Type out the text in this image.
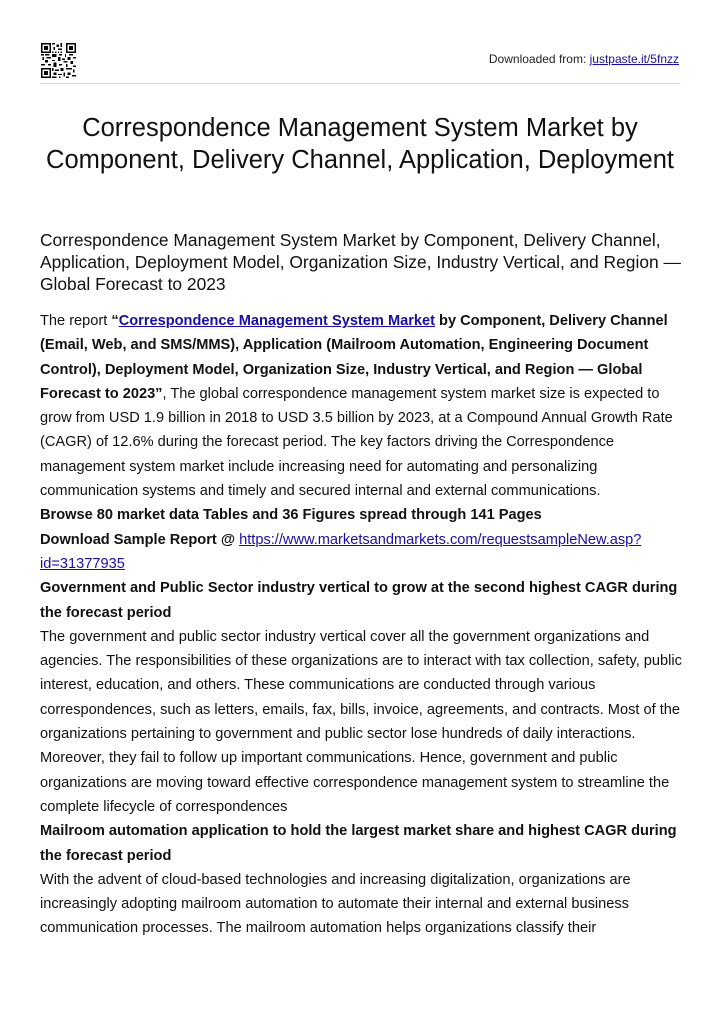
Downloaded from: justpaste.it/5fnzz
Correspondence Management System Market by Component, Delivery Channel, Application, Deployment

Correspondence Management System Market by Component, Delivery Channel, Application, Deployment Model, Organization Size, Industry Vertical, and Region — Global Forecast to 2023

The report “Correspondence Management System Market by Component, Delivery Channel (Email, Web, and SMS/MMS), Application (Mailroom Automation, Engineering Document Control), Deployment Model, Organization Size, Industry Vertical, and Region — Global Forecast to 2023”, The global correspondence management system market size is expected to grow from USD 1.9 billion in 2018 to USD 3.5 billion by 2023, at a Compound Annual Growth Rate (CAGR) of 12.6% during the forecast period. The key factors driving the Correspondence management system market include increasing need for automating and personalizing communication systems and timely and secured internal and external communications.

Browse 80 market data Tables and 36 Figures spread through 141 Pages

Download Sample Report @ https://www.marketsandmarkets.com/requestsampleNew.asp?id=31377935

Government and Public Sector industry vertical to grow at the second highest CAGR during the forecast period

The government and public sector industry vertical cover all the government organizations and agencies. The responsibilities of these organizations are to interact with tax collection, safety, public interest, education, and others. These communications are conducted through various correspondences, such as letters, emails, fax, bills, invoice, agreements, and contracts. Most of the organizations pertaining to government and public sector lose hundreds of daily interactions. Moreover, they fail to follow up important communications. Hence, government and public organizations are moving toward effective correspondence management system to streamline the complete lifecycle of correspondences

Mailroom automation application to hold the largest market share and highest CAGR during the forecast period

With the advent of cloud-based technologies and increasing digitalization, organizations are increasingly adopting mailroom automation to automate their internal and external business communication processes. The mailroom automation helps organizations classify their
